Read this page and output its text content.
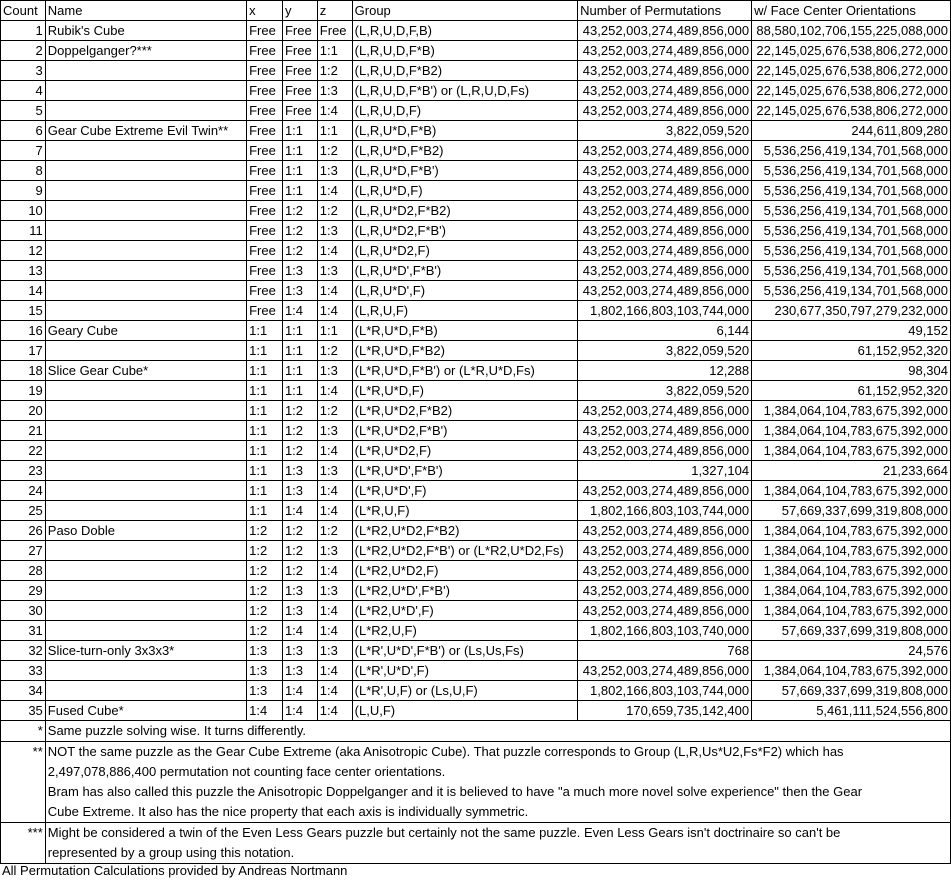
Count	Name	x	y	z	Group	Number of Permutations	w/ Face Center Orientations
1	Rubik's Cube	Free	Free	Free	(L,R,U,D,F,B)	43,252,003,274,489,856,000	88,580,102,706,155,225,088,000
2	Doppelganger?***	Free	Free	1:1	(L,R,U,D,F*B)	43,252,003,274,489,856,000	22,145,025,676,538,806,272,000
3		Free	Free	1:2	(L,R,U,D,F*B2)	43,252,003,274,489,856,000	22,145,025,676,538,806,272,000
4		Free	Free	1:3	(L,R,U,D,F*B') or (L,R,U,D,Fs)	43,252,003,274,489,856,000	22,145,025,676,538,806,272,000
5		Free	Free	1:4	(L,R,U,D,F)	43,252,003,274,489,856,000	22,145,025,676,538,806,272,000
6	Gear Cube Extreme Evil Twin**	Free	1:1	1:1	(L,R,U*D,F*B)	3,822,059,520	244,611,809,280
7		Free	1:1	1:2	(L,R,U*D,F*B2)	43,252,003,274,489,856,000	5,536,256,419,134,701,568,000
8		Free	1:1	1:3	(L,R,U*D,F*B')	43,252,003,274,489,856,000	5,536,256,419,134,701,568,000
9		Free	1:1	1:4	(L,R,U*D,F)	43,252,003,274,489,856,000	5,536,256,419,134,701,568,000
10		Free	1:2	1:2	(L,R,U*D2,F*B2)	43,252,003,274,489,856,000	5,536,256,419,134,701,568,000
11		Free	1:2	1:3	(L,R,U*D2,F*B')	43,252,003,274,489,856,000	5,536,256,419,134,701,568,000
12		Free	1:2	1:4	(L,R,U*D2,F)	43,252,003,274,489,856,000	5,536,256,419,134,701,568,000
13		Free	1:3	1:3	(L,R,U*D',F*B')	43,252,003,274,489,856,000	5,536,256,419,134,701,568,000
14		Free	1:3	1:4	(L,R,U*D',F)	43,252,003,274,489,856,000	5,536,256,419,134,701,568,000
15		Free	1:4	1:4	(L,R,U,F)	1,802,166,803,103,744,000	230,677,350,797,279,232,000
16	Geary Cube	1:1	1:1	1:1	(L*R,U*D,F*B)	6,144	49,152
17		1:1	1:1	1:2	(L*R,U*D,F*B2)	3,822,059,520	61,152,952,320
18	Slice Gear Cube*	1:1	1:1	1:3	(L*R,U*D,F*B') or (L*R,U*D,Fs)	12,288	98,304
19		1:1	1:1	1:4	(L*R,U*D,F)	3,822,059,520	61,152,952,320
20		1:1	1:2	1:2	(L*R,U*D2,F*B2)	43,252,003,274,489,856,000	1,384,064,104,783,675,392,000
21		1:1	1:2	1:3	(L*R,U*D2,F*B')	43,252,003,274,489,856,000	1,384,064,104,783,675,392,000
22		1:1	1:2	1:4	(L*R,U*D2,F)	43,252,003,274,489,856,000	1,384,064,104,783,675,392,000
23		1:1	1:3	1:3	(L*R,U*D',F*B')	1,327,104	21,233,664
24		1:1	1:3	1:4	(L*R,U*D',F)	43,252,003,274,489,856,000	1,384,064,104,783,675,392,000
25		1:1	1:4	1:4	(L*R,U,F)	1,802,166,803,103,744,000	57,669,337,699,319,808,000
26	Paso Doble	1:2	1:2	1:2	(L*R2,U*D2,F*B2)	43,252,003,274,489,856,000	1,384,064,104,783,675,392,000
27		1:2	1:2	1:3	(L*R2,U*D2,F*B') or (L*R2,U*D2,Fs)	43,252,003,274,489,856,000	1,384,064,104,783,675,392,000
28		1:2	1:2	1:4	(L*R2,U*D2,F)	43,252,003,274,489,856,000	1,384,064,104,783,675,392,000
29		1:2	1:3	1:3	(L*R2,U*D',F*B')	43,252,003,274,489,856,000	1,384,064,104,783,675,392,000
30		1:2	1:3	1:4	(L*R2,U*D',F)	43,252,003,274,489,856,000	1,384,064,104,783,675,392,000
31		1:2	1:4	1:4	(L*R2,U,F)	1,802,166,803,103,740,000	57,669,337,699,319,808,000
32	Slice-turn-only 3x3x3*	1:3	1:3	1:3	(L*R',U*D',F*B') or (Ls,Us,Fs)	768	24,576
33		1:3	1:3	1:4	(L*R',U*D',F)	43,252,003,274,489,856,000	1,384,064,104,783,675,392,000
34		1:3	1:4	1:4	(L*R',U,F) or (Ls,U,F)	1,802,166,803,103,744,000	57,669,337,699,319,808,000
35	Fused Cube*	1:4	1:4	1:4	(L,U,F)	170,659,735,142,400	5,461,111,524,556,800
*	Same puzzle solving wise. It turns differently.						

**	NOT the same puzzle as the Gear Cube Extreme (aka Anisotropic Cube). That puzzle corresponds to Group (L,R,Us*U2,Fs*F2) which has
2,497,078,886,400 permutation not counting face center orientations.
Bram has also called this puzzle the Anisotropic Doppelganger and it is believed to have "a much more novel solve experience" then the Gear
Cube Extreme. It also has the nice property that each axis is individually symmetric.						

***	Might be considered a twin of the Even Less Gears puzzle but certainly not the same puzzle. Even Less Gears isn't doctrinaire so can't be
represented by a group using this notation.						
All Permutation Calculations provided by Andreas Nortmann
